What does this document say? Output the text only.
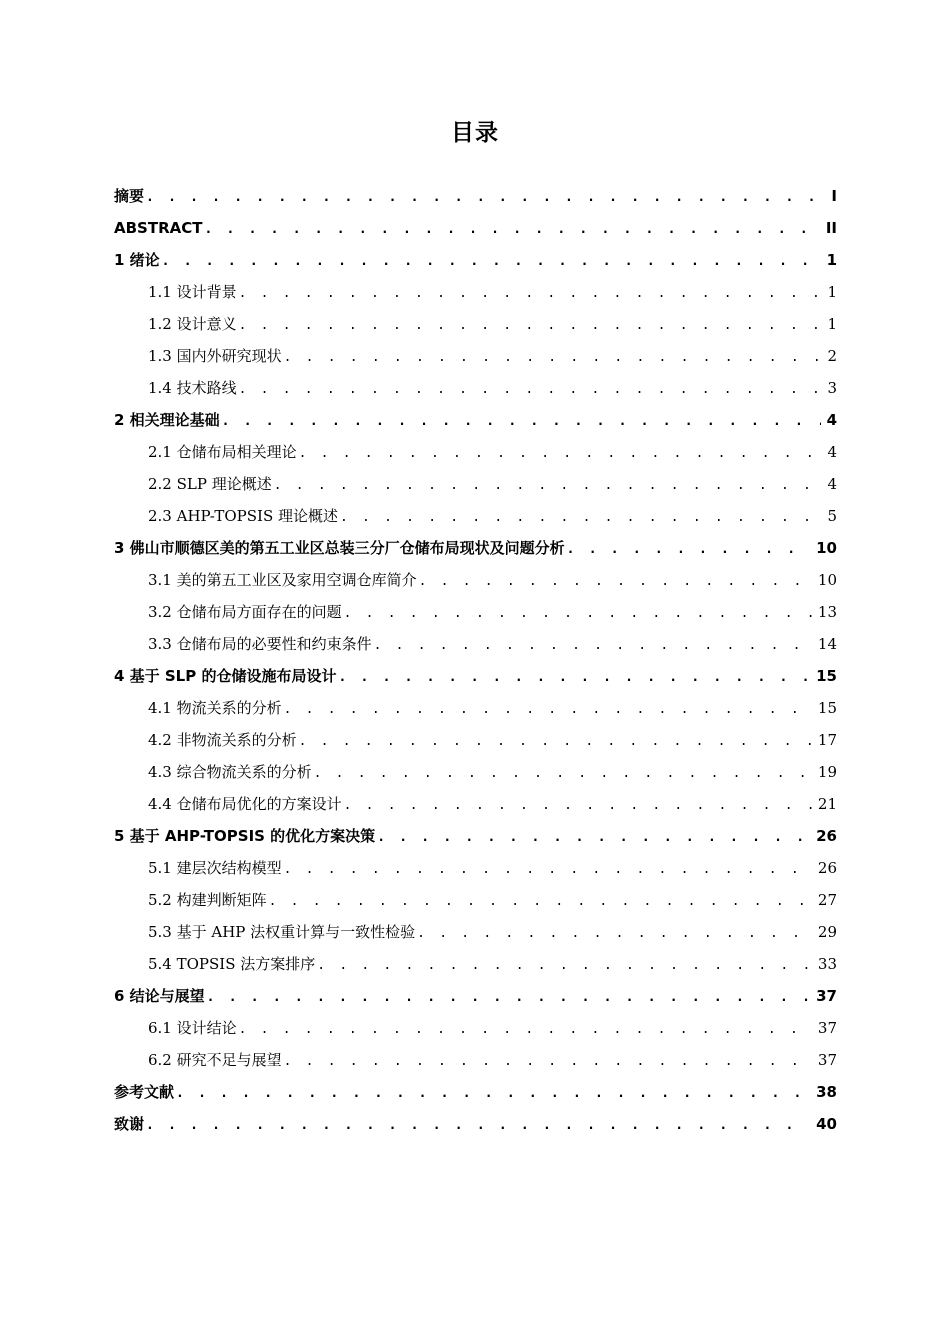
目录
摘要 . . .	I
ABSTRACT . . .	II
1 绪论 . . .	1
1.1 设计背景 . . .	1
1.2 设计意义 . . .	1
1.3 国内外研究现状 . . .	2
1.4 技术路线 . . .	3
2 相关理论基础 . . .	4
2.1 仓储布局相关理论 . . .	4
2.2 SLP 理论概述 . . .	4
2.3 AHP-TOPSIS 理论概述 . . .	5
3 佛山市顺德区美的第五工业区总装三分厂仓储布局现状及问题分析 . . .	10
3.1 美的第五工业区及家用空调仓库简介 . . .	10
3.2 仓储布局方面存在的问题 . . .	13
3.3 仓储布局的必要性和约束条件 . . .	14
4 基于 SLP 的仓储设施布局设计 . . .	15
4.1 物流关系的分析 . . .	15
4.2 非物流关系的分析 . . .	17
4.3 综合物流关系的分析 . . .	19
4.4 仓储布局优化的方案设计 . . .	21
5 基于 AHP-TOPSIS 的优化方案决策 . . .	26
5.1 建层次结构模型 . . .	26
5.2 构建判断矩阵 . . .	27
5.3 基于 AHP 法权重计算与一致性检验 . . .	29
5.4 TOPSIS 法方案排序 . . .	33
6 结论与展望 . . .	37
6.1 设计结论 . . .	37
6.2 研究不足与展望 . . .	37
参考文献 . . .	38
致谢 . . .	40
